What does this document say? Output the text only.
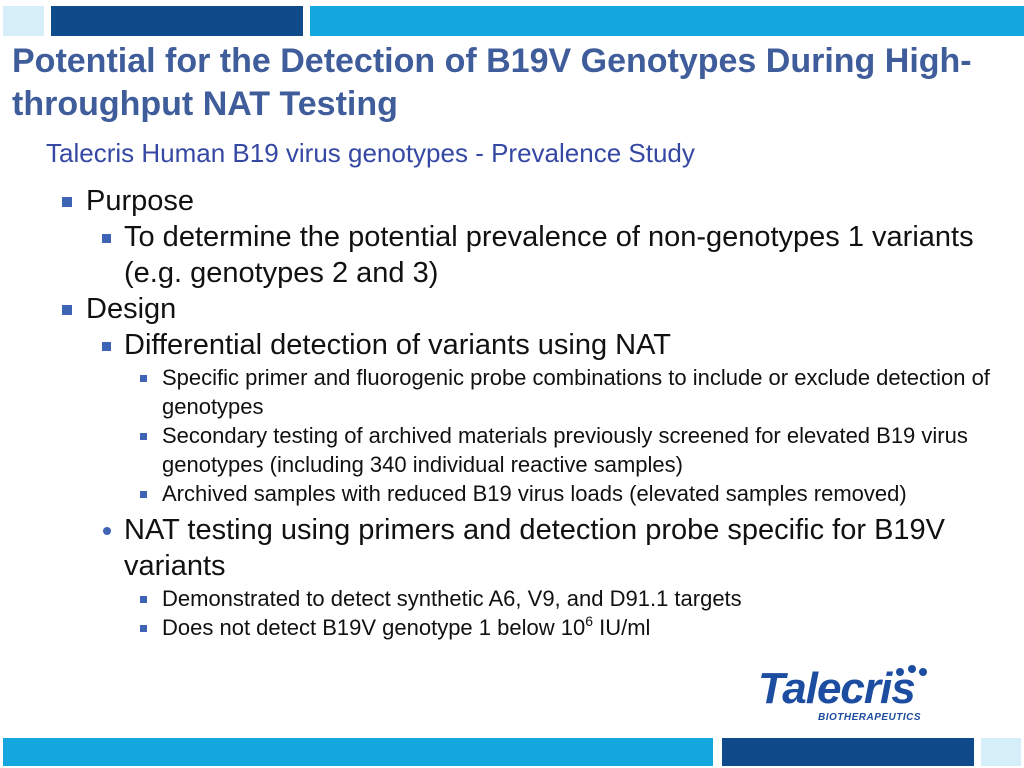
Potential for the Detection of B19V Genotypes During High-throughput NAT Testing
Talecris Human B19 virus genotypes - Prevalence Study
Purpose
To determine the potential prevalence of non-genotypes 1 variants (e.g. genotypes 2 and 3)
Design
Differential detection of variants using NAT
Specific primer and fluorogenic probe combinations to include or exclude detection of genotypes
Secondary testing of archived materials previously screened for elevated B19 virus genotypes (including 340 individual reactive samples)
Archived samples with reduced B19 virus loads (elevated samples removed)
NAT testing using primers and detection probe specific for B19V variants
Demonstrated to detect synthetic A6, V9, and D91.1 targets
Does not detect B19V genotype 1 below $10^6$ IU/ml
Talecris
BIOTHERAPEUTICS
